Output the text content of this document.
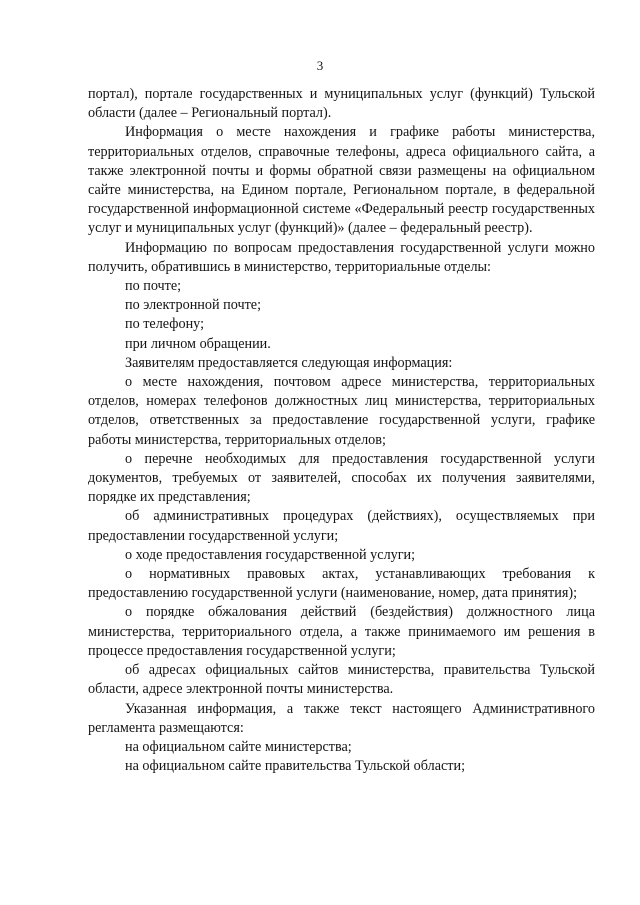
3

портал), порталe государственных и муниципальных услуг (функций) Тульской области (далее – Региональный портал).

Информация о месте нахождения и графике работы министерства, территориальных отделов, справочные телефоны, адреса официального сайта, а также электронной почты и формы обратной связи размещены на официальном сайте министерства, на Едином портале, Региональном портале, в федеральной государственной информационной системе «Федеральный реестр государственных услуг и муниципальных услуг (функций)» (далее – федеральный реестр).

Информацию по вопросам предоставления государственной услуги можно получить, обратившись в министерство, территориальные отделы:

по почте;

по электронной почте;

по телефону;

при личном обращении.

Заявителям предоставляется следующая информация:

о месте нахождения, почтовом адресе министерства, территориальных отделов, номерах телефонов должностных лиц министерства, территориальных отделов, ответственных за предоставление государственной услуги, графике работы министерства, территориальных отделов;

о перечне необходимых для предоставления государственной услуги документов, требуемых от заявителей, способах их получения заявителями, порядке их представления;

об административных процедурах (действиях), осуществляемых при предоставлении государственной услуги;

о ходе предоставления государственной услуги;

о нормативных правовых актах, устанавливающих требования к предоставлению государственной услуги (наименование, номер, дата принятия);

о порядке обжалования действий (бездействия) должностного лица министерства, территориального отдела, а также принимаемого им решения в процессе предоставления государственной услуги;

об адресах официальных сайтов министерства, правительства Тульской области, адресе электронной почты министерства.

Указанная информация, а также текст настоящего Административного регламента размещаются:

на официальном сайте министерства;

на официальном сайте правительства Тульской области;
